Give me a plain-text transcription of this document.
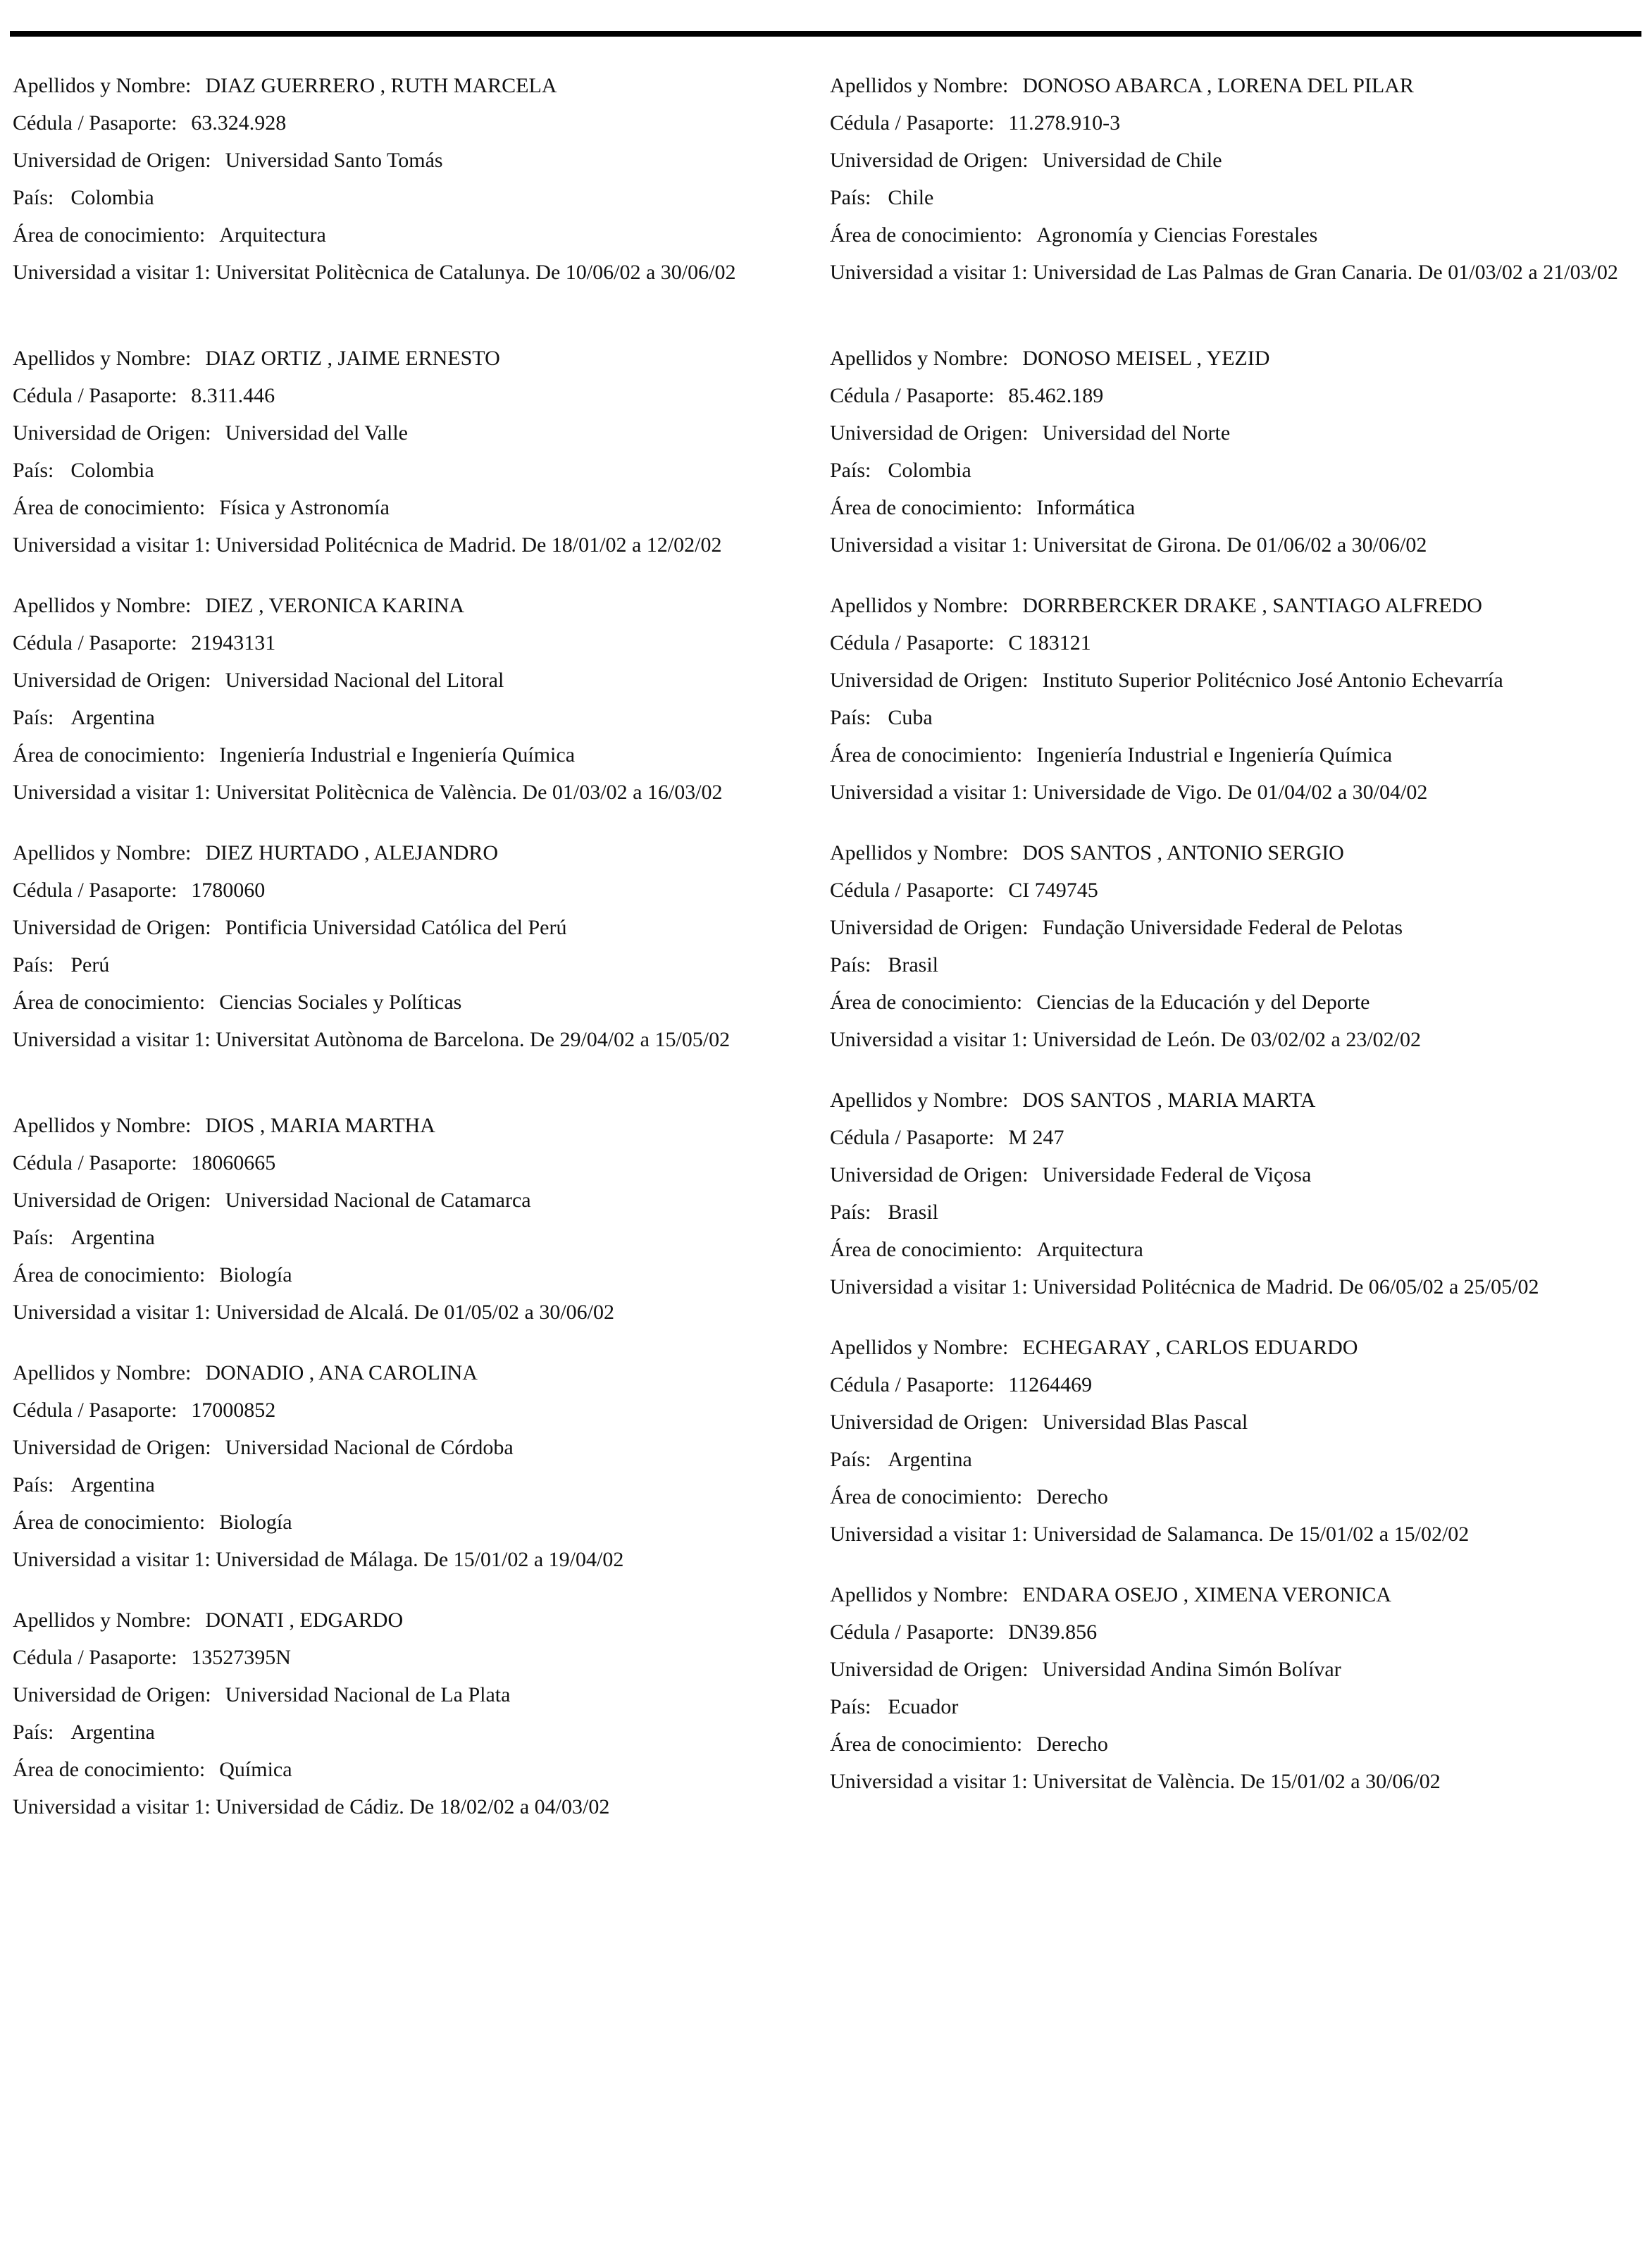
Apellidos y Nombre: DIAZ GUERRERO , RUTH MARCELA
Cédula / Pasaporte: 63.324.928
Universidad de Origen: Universidad Santo Tomás
País: Colombia
Área de conocimiento: Arquitectura
Universidad a visitar 1: Universitat Politècnica de Catalunya. De 10/06/02 a 30/06/02
Apellidos y Nombre: DIAZ ORTIZ , JAIME ERNESTO
Cédula / Pasaporte: 8.311.446
Universidad de Origen: Universidad del Valle
País: Colombia
Área de conocimiento: Física y Astronomía
Universidad a visitar 1: Universidad Politécnica de Madrid. De 18/01/02 a 12/02/02
Apellidos y Nombre: DIEZ , VERONICA KARINA
Cédula / Pasaporte: 21943131
Universidad de Origen: Universidad Nacional del Litoral
País: Argentina
Área de conocimiento: Ingeniería Industrial e Ingeniería Química
Universidad a visitar 1: Universitat Politècnica de València. De 01/03/02 a 16/03/02
Apellidos y Nombre: DIEZ HURTADO , ALEJANDRO
Cédula / Pasaporte: 1780060
Universidad de Origen: Pontificia Universidad Católica del Perú
País: Perú
Área de conocimiento: Ciencias Sociales y Políticas
Universidad a visitar 1: Universitat Autònoma de Barcelona. De 29/04/02 a 15/05/02
Apellidos y Nombre: DIOS , MARIA MARTHA
Cédula / Pasaporte: 18060665
Universidad de Origen: Universidad Nacional de Catamarca
País: Argentina
Área de conocimiento: Biología
Universidad a visitar 1: Universidad de Alcalá. De 01/05/02 a 30/06/02
Apellidos y Nombre: DONADIO , ANA CAROLINA
Cédula / Pasaporte: 17000852
Universidad de Origen: Universidad Nacional de Córdoba
País: Argentina
Área de conocimiento: Biología
Universidad a visitar 1: Universidad de Málaga. De 15/01/02 a 19/04/02
Apellidos y Nombre: DONATI , EDGARDO
Cédula / Pasaporte: 13527395N
Universidad de Origen: Universidad Nacional de La Plata
País: Argentina
Área de conocimiento: Química
Universidad a visitar 1: Universidad de Cádiz. De 18/02/02 a 04/03/02
Apellidos y Nombre: DONOSO ABARCA , LORENA DEL PILAR
Cédula / Pasaporte: 11.278.910-3
Universidad de Origen: Universidad de Chile
País: Chile
Área de conocimiento: Agronomía y Ciencias Forestales
Universidad a visitar 1: Universidad de Las Palmas de Gran Canaria. De 01/03/02 a 21/03/02
Apellidos y Nombre: DONOSO MEISEL , YEZID
Cédula / Pasaporte: 85.462.189
Universidad de Origen: Universidad del Norte
País: Colombia
Área de conocimiento: Informática
Universidad a visitar 1: Universitat de Girona. De 01/06/02 a 30/06/02
Apellidos y Nombre: DORRBERCKER DRAKE , SANTIAGO ALFREDO
Cédula / Pasaporte: C 183121
Universidad de Origen: Instituto Superior Politécnico José Antonio Echevarría
País: Cuba
Área de conocimiento: Ingeniería Industrial e Ingeniería Química
Universidad a visitar 1: Universidade de Vigo. De 01/04/02 a 30/04/02
Apellidos y Nombre: DOS SANTOS , ANTONIO SERGIO
Cédula / Pasaporte: CI 749745
Universidad de Origen: Fundação Universidade Federal de Pelotas
País: Brasil
Área de conocimiento: Ciencias de la Educación y del Deporte
Universidad a visitar 1: Universidad de León. De 03/02/02 a 23/02/02
Apellidos y Nombre: DOS SANTOS , MARIA MARTA
Cédula / Pasaporte: M 247
Universidad de Origen: Universidade Federal de Viçosa
País: Brasil
Área de conocimiento: Arquitectura
Universidad a visitar 1: Universidad Politécnica de Madrid. De 06/05/02 a 25/05/02
Apellidos y Nombre: ECHEGARAY , CARLOS EDUARDO
Cédula / Pasaporte: 11264469
Universidad de Origen: Universidad Blas Pascal
País: Argentina
Área de conocimiento: Derecho
Universidad a visitar 1: Universidad de Salamanca. De 15/01/02 a 15/02/02
Apellidos y Nombre: ENDARA OSEJO , XIMENA VERONICA
Cédula / Pasaporte: DN39.856
Universidad de Origen: Universidad Andina Simón Bolívar
País: Ecuador
Área de conocimiento: Derecho
Universidad a visitar 1: Universitat de València. De 15/01/02 a 30/06/02
